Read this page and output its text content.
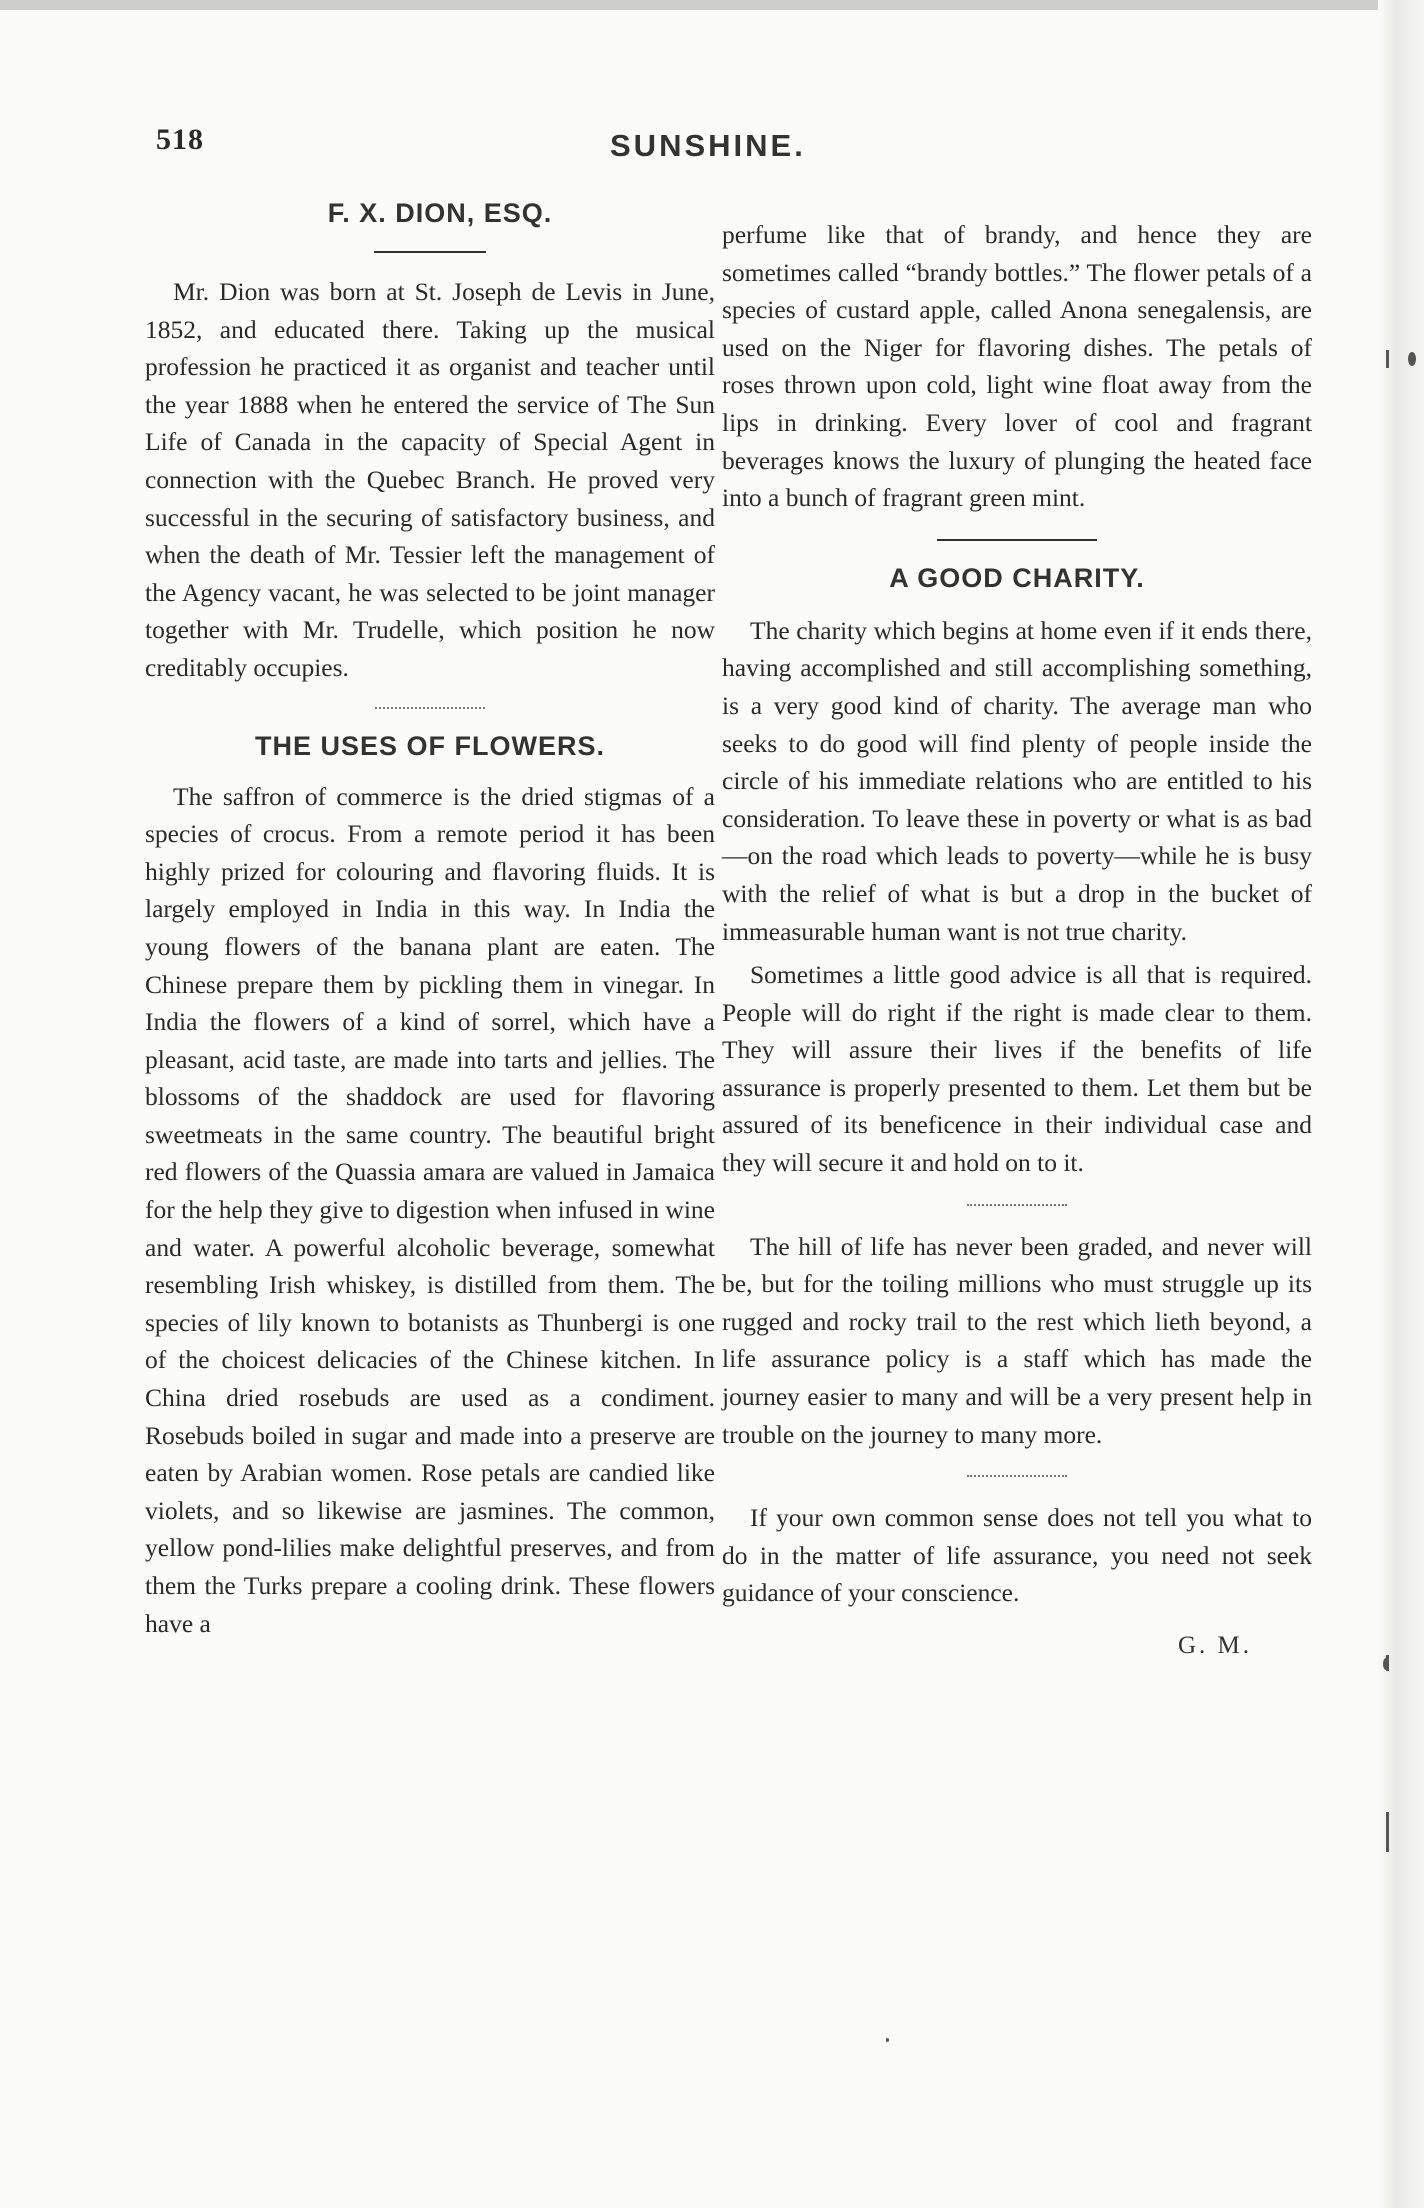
518	SUNSHINE.
F. X. DION, ESQ.

Mr. Dion was born at St. Joseph de Levis in June, 1852, and educated there. Taking up the musical profession he practiced it as organist and teacher until the year 1888 when he entered the service of The Sun Life of Canada in the capacity of Special Agent in connection with the Quebec Branch. He proved very successful in the securing of satisfactory business, and when the death of Mr. Tessier left the management of the Agency vacant, he was selected to be joint manager together with Mr. Trudelle, which position he now creditably occupies.

THE USES OF FLOWERS.

The saffron of commerce is the dried stigmas of a species of crocus. From a remote period it has been highly prized for colouring and flavoring fluids. It is largely employed in India in this way. In India the young flowers of the banana plant are eaten. The Chinese prepare them by pickling them in vinegar. In India the flowers of a kind of sorrel, which have a pleasant, acid taste, are made into tarts and jellies. The blossoms of the shaddock are used for flavoring sweetmeats in the same country. The beautiful bright red flowers of the Quassia amara are valued in Jamaica for the help they give to digestion when infused in wine and water. A powerful alcoholic beverage, somewhat resembling Irish whiskey, is distilled from them. The species of lily known to botanists as Thunbergi is one of the choicest delicacies of the Chinese kitchen. In China dried rosebuds are used as a condiment. Rosebuds boiled in sugar and made into a preserve are eaten by Arabian women. Rose petals are candied like violets, and so likewise are jasmines. The common, yellow pond-lilies make delightful preserves, and from them the Turks prepare a cooling drink. These flowers have a

perfume like that of brandy, and hence they are sometimes called “brandy bottles.” The flower petals of a species of custard apple, called Anona senegalensis, are used on the Niger for flavoring dishes. The petals of roses thrown upon cold, light wine float away from the lips in drinking. Every lover of cool and fragrant beverages knows the luxury of plunging the heated face into a bunch of fragrant green mint.

A GOOD CHARITY.

The charity which begins at home even if it ends there, having accomplished and still accomplishing something, is a very good kind of charity. The average man who seeks to do good will find plenty of people inside the circle of his immediate relations who are entitled to his consideration. To leave these in poverty or what is as bad—on the road which leads to poverty—while he is busy with the relief of what is but a drop in the bucket of immeasurable human want is not true charity.

Sometimes a little good advice is all that is required. People will do right if the right is made clear to them. They will assure their lives if the benefits of life assurance is properly presented to them. Let them but be assured of its beneficence in their individual case and they will secure it and hold on to it.

The hill of life has never been graded, and never will be, but for the toiling millions who must struggle up its rugged and rocky trail to the rest which lieth beyond, a life assurance policy is a staff which has made the journey easier to many and will be a very present help in trouble on the journey to many more.

If your own common sense does not tell you what to do in the matter of life assurance, you need not seek guidance of your conscience.

G. M.
